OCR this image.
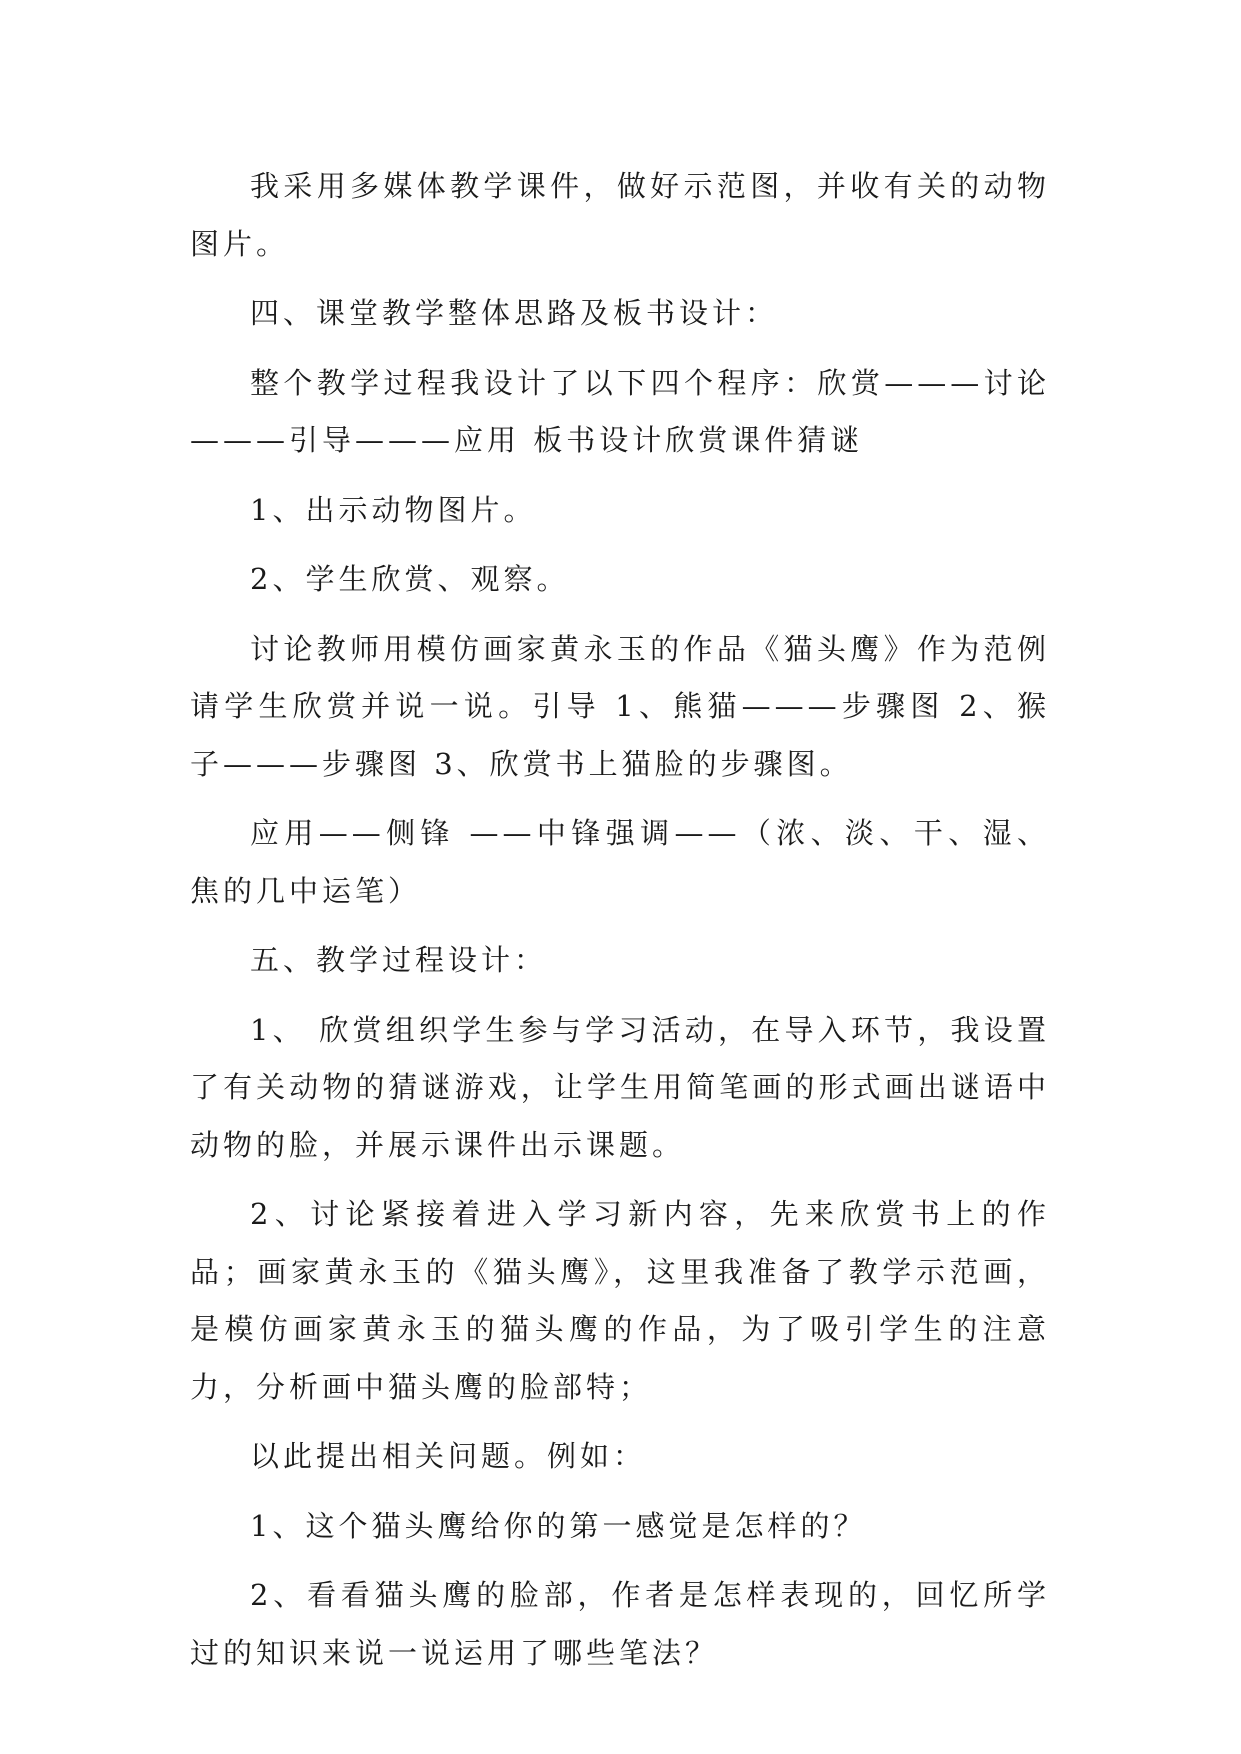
我采用多媒体教学课件，做好示范图，并收有关的动物图片。

四、课堂教学整体思路及板书设计：

整个教学过程我设计了以下四个程序：欣赏———讨论———引导———应用 板书设计欣赏课件猜谜

1、出示动物图片。

2、学生欣赏、观察。

讨论教师用模仿画家黄永玉的作品《猫头鹰》作为范例请学生欣赏并说一说。引导 1、熊猫———步骤图 2、猴子———步骤图 3、欣赏书上猫脸的步骤图。

应用——侧锋 ——中锋强调——（浓、淡、干、湿、焦的几中运笔）

五、教学过程设计：

1、 欣赏组织学生参与学习活动，在导入环节，我设置了有关动物的猜谜游戏，让学生用简笔画的形式画出谜语中动物的脸，并展示课件出示课题。

2、讨论紧接着进入学习新内容，先来欣赏书上的作品；画家黄永玉的《猫头鹰》，这里我准备了教学示范画，是模仿画家黄永玉的猫头鹰的作品，为了吸引学生的注意力，分析画中猫头鹰的脸部特；

以此提出相关问题。例如：

1、这个猫头鹰给你的第一感觉是怎样的？

2、看看猫头鹰的脸部，作者是怎样表现的，回忆所学过的知识来说一说运用了哪些笔法？
